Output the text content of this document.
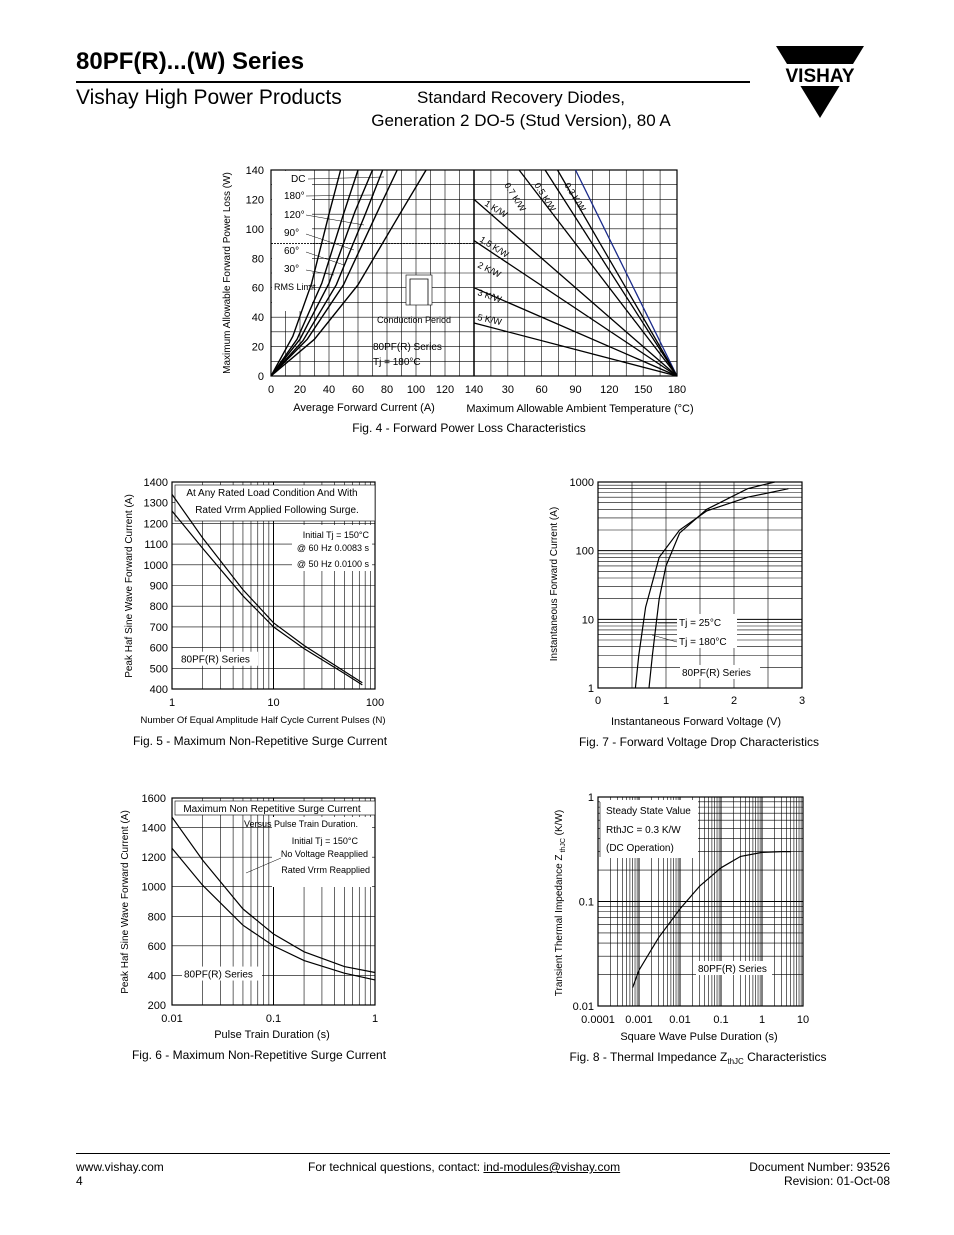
80PF(R)...(W) Series
Vishay High Power Products	Standard Recovery Diodes,
Generation 2 DO-5 (Stud Version), 80 A
VISHAY
0
20
40
60
80
100
120
140
0 20 40 60 80 100 120 140 30 60 90 120 150 180
DC
180°
120°
90°
60°
30°
RMS Limit
0.3 K/W
0.5 K/W
0.7 K/W
1 K/W
1.5 K/W
2 K/W
3 K/W
5 K/W
Conduction Period
80PF(R) Series
Tj = 180°C
Maximum Allowable Forward Power Loss (W)
Average Forward Current (A)	Maximum Allowable Ambient Temperature (°C)
Fig. 4 - Forward Power Loss Characteristics
At Any Rated Load Condition And With
Rated Vrrm Applied Following Surge.
Initial Tj = 150°C
@ 60 Hz 0.0083 s
@ 50 Hz 0.0100 s
80PF(R) Series
400
500
600
700
800
900
1000
1100
1200
1300
1400
1	10	100
Peak Haf Sine Wave Forward Current (A)
Number Of Equal Amplitude Half Cycle Current Pulses (N)
Fig. 5 - Maximum Non-Repetitive Surge Current
Tj = 25°C
Tj = 180°C
80PF(R) Series
1
10
100
1000
0	1	2	3
Instantaneous Forward Current (A)
Instantaneous Forward Voltage (V)
Fig. 7 - Forward Voltage Drop Characteristics
Maximum Non Repetitive Surge Current
Versus Pulse Train Duration.
Initial Tj = 150°C
No Voltage Reapplied
Rated Vrrm Reapplied
80PF(R) Series
200
400
600
800
1000
1200
1400
1600
0.01	0.1	1
Peak Haf Sine Wave Forward Current (A)
Pulse Train Duration (s)
Fig. 6 - Maximum Non-Repetitive Surge Current
Steady State Value
RthJC = 0.3 K/W
(DC Operation)
80PF(R) Series
0.01
0.1
1
0.0001 0.001 0.01 0.1	1	10
Transient Thermal Impedance Z $_{thJC}$ (K/W)
Square Wave Pulse Duration (s)
Fig. 8 - Thermal Impedance $Z_{thJC}$ Characteristics
www.vishay.com
4
For technical questions, contact: ind-modules@vishay.com	Document Number: 93526
Revision: 01-Oct-08
